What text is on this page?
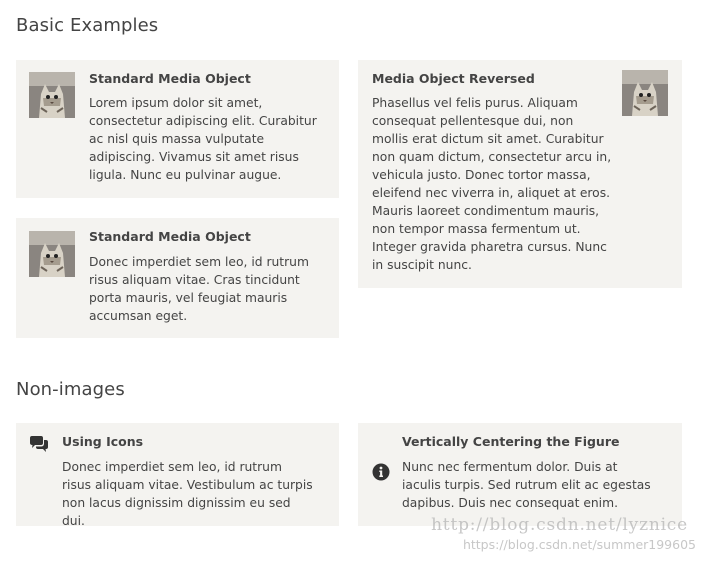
Basic Examples
Standard Media Object

Lorem ipsum dolor sit amet, consectetur adipiscing elit. Curabitur ac nisl quis massa vulputate adipiscing. Vivamus sit amet risus ligula. Nunc eu pulvinar augue.

Standard Media Object

Donec imperdiet sem leo, id rutrum risus aliquam vitae. Cras tincidunt porta mauris, vel feugiat mauris accumsan eget.

Media Object Reversed

Phasellus vel felis purus. Aliquam consequat pellentesque dui, non mollis erat dictum sit amet. Curabitur non quam dictum, consectetur arcu in, vehicula justo. Donec tortor massa, eleifend nec viverra in, aliquet at eros. Mauris laoreet condimentum mauris, non tempor massa fermentum ut. Integer gravida pharetra cursus. Nunc in suscipit nunc.

Non-images
Using Icons

Donec imperdiet sem leo, id rutrum risus aliquam vitae. Vestibulum ac turpis non lacus dignissim dignissim eu sed dui.

Vertically Centering the Figure

Nunc nec fermentum dolor. Duis at iaculis turpis. Sed rutrum elit ac egestas dapibus. Duis nec consequat enim.

http://blog.csdn.net/lyznice
https://blog.csdn.net/summer199605
